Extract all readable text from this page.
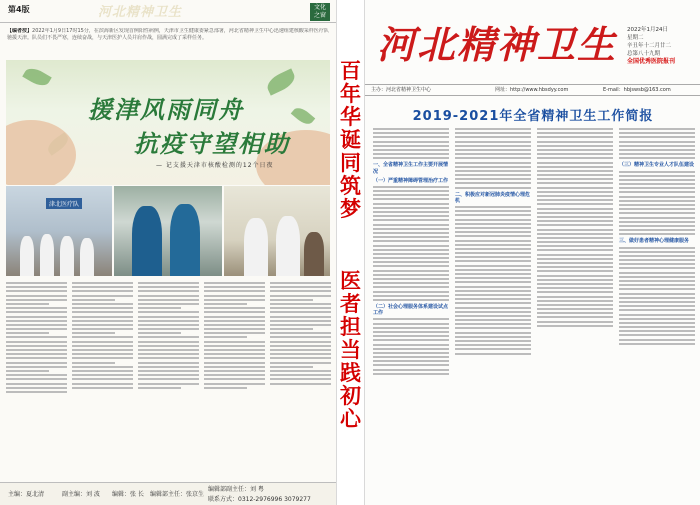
第4版	河北精神卫生	文化之窗
【编者按】2022年1月9日17时15分，在滨海新区发现首例阳性病例，天津市卫生健康委紧急部署，河北省精神卫生中心迅速组建核酸采样医疗队驰援天津。队员们不畏严寒，连续奋战，与天津医护人员并肩作战，圆满完成了采样任务。
援津风雨同舟
抗疫守望相助
— 记支援天津市核酸检测的12个日夜
津北医疗队
主编：夏北清	副主编：刘 波 编辑：张 长 编辑部主任：张京生
编辑部副主任：刘 粤
联系方式：0312-2976996 3079277
百
年
华
诞
同
筑
梦
医
者
担
当
践
初
心
河北精神卫生 2022年1月24日
星期二
辛丑年十二月廿二
总第八十九期
全国优秀医院报刊
主办：河北省精神卫生中心	网址：http://www.hbsdyy.com	E-mail：hbjswsb@163.com
2019-2021年全省精神卫生工作简报
一、全省精神卫生工作主要开展情况
（一）严重精神障碍管理治疗工作
（二）社会心理服务体系建设试点工作
二、积极应对新冠肺炎疫情心理危机
（三）精神卫生专业人才队伍建设
三、做好患者精神心理健康服务
